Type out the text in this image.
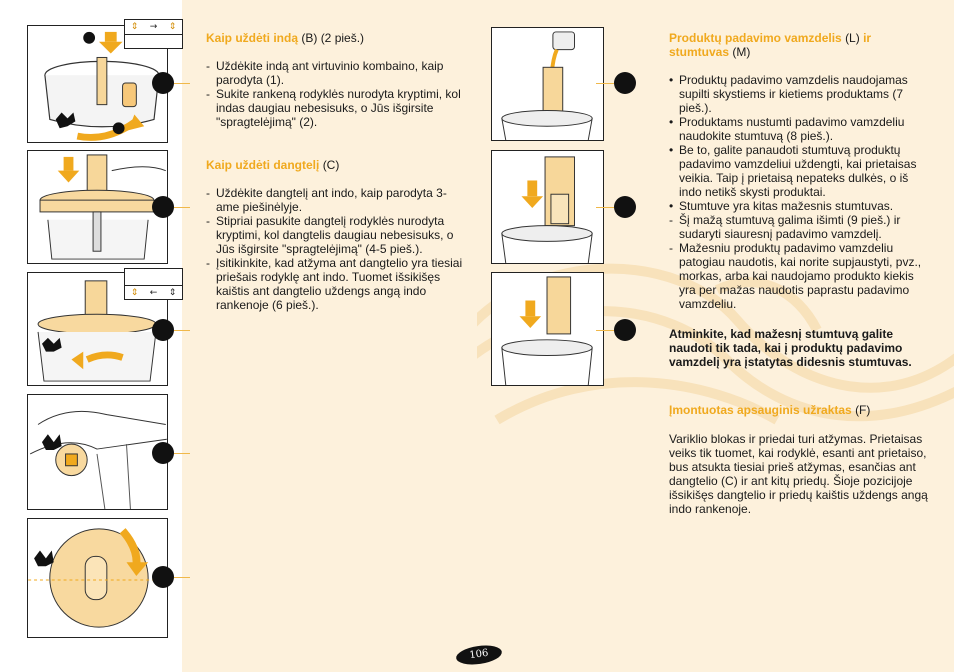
⇕ → ⇕
⇕ ← ⇕
Kaip uždėti indą (B) (2 pieš.)
- Uždėkite indą ant virtuvinio kombaino, kaip parodyta (1).
- Sukite rankeną rodyklės nurodyta kryptimi, kol indas daugiau nebesisuks, o Jūs išgirsite "spragtelėjimą" (2).
Kaip uždėti dangtelį (C)
- Uždėkite dangtelį ant indo, kaip parodyta 3-ame piešinėlyje.
- Stipriai pasukite dangtelį rodyklės nurodyta kryptimi, kol dangtelis daugiau nebesisuks, o Jūs išgirsite "spragtelėjimą" (4-5 pieš.).
- Įsitikinkite, kad atžyma ant dangtelio yra tiesiai priešais rodyklę ant indo. Tuomet išsikišęs kaištis ant dangtelio uždengs angą indo rankenoje (6 pieš.).
Produktų padavimo vamzdelis (L) ir stumtuvas (M)
• Produktų padavimo vamzdelis naudojamas supilti skystiems ir kietiems produktams (7 pieš.).
• Produktams nustumti padavimo vamzdeliu naudokite stumtuvą (8 pieš.).
• Be to, galite panaudoti stumtuvą produktų padavimo vamzdeliui uždengti, kai prietaisas veikia. Taip į prietaisą nepateks dulkės, o iš indo netikš skysti produktai.
• Stumtuve yra kitas mažesnis stumtuvas.
- Šį mažą stumtuvą galima išimti (9 pieš.) ir sudaryti siauresnį padavimo vamzdelį.
- Mažesniu produktų padavimo vamzdeliu patogiau naudotis, kai norite supjaustyti, pvz., morkas, arba kai naudojamo produkto kiekis yra per mažas naudotis paprastu padavimo vamzdeliu.
Atminkite, kad mažesnį stumtuvą galite naudoti tik tada, kai į produktų padavimo vamzdelį yra įstatytas didesnis stumtuvas.
Įmontuotas apsauginis užraktas (F)
Variklio blokas ir priedai turi atžymas. Prietaisas veiks tik tuomet, kai rodyklė, esanti ant prietaiso, bus atsukta tiesiai prieš atžymas, esančias ant dangtelio (C) ir ant kitų priedų. Šioje pozicijoje išsikišęs dangtelio ir priedų kaištis uždengs angą indo rankenoje.
106
